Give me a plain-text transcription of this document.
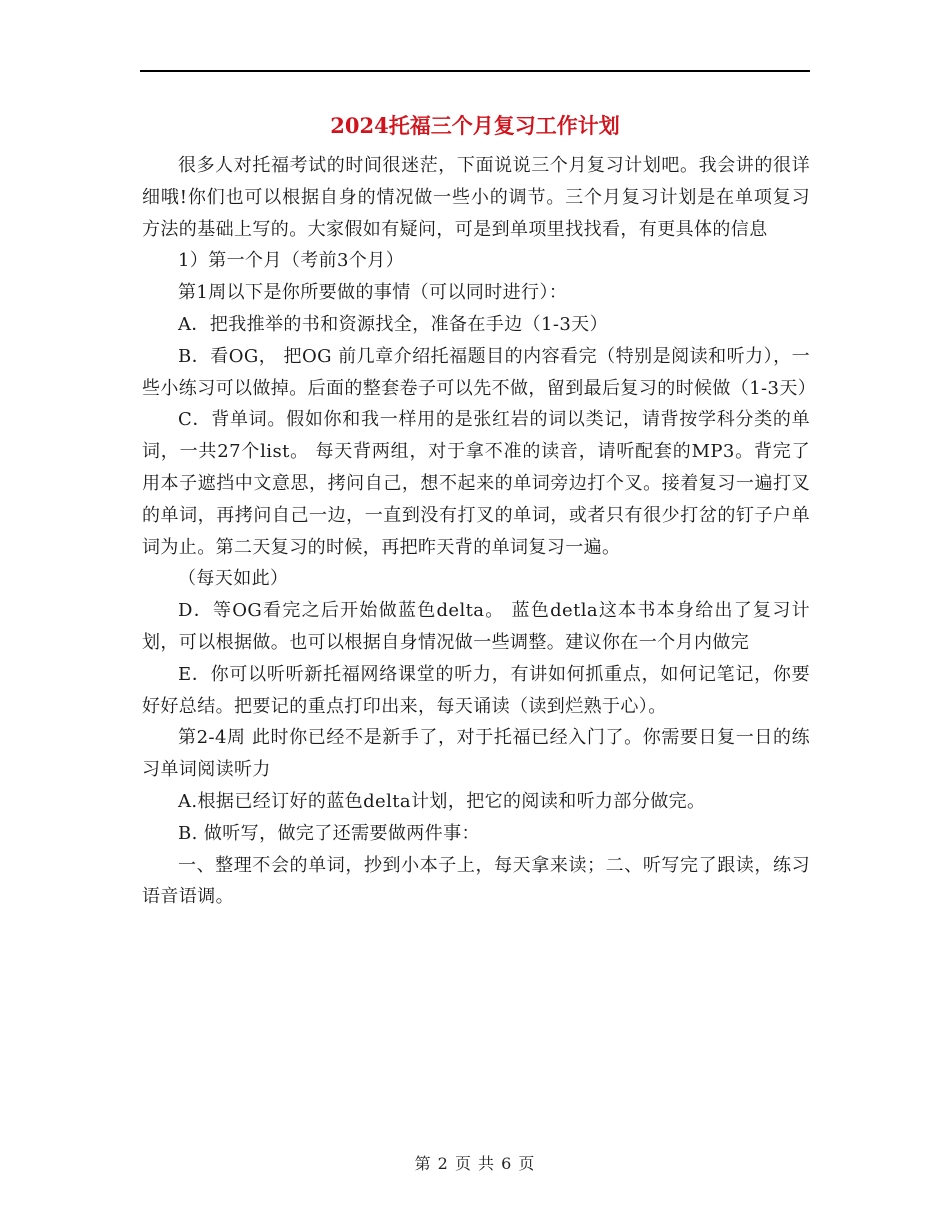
2024托福三个月复习工作计划

很多人对托福考试的时间很迷茫，下面说说三个月复习计划吧。我会讲的很详细哦!你们也可以根据自身的情况做一些小的调节。三个月复习计划是在单项复习方法的基础上写的。大家假如有疑问，可是到单项里找找看，有更具体的信息

1）第一个月（考前3个月）

第1周以下是你所要做的事情（可以同时进行）：

A．把我推举的书和资源找全，准备在手边（1-3天）

B．看OG， 把OG 前几章介绍托福题目的内容看完（特别是阅读和听力），一些小练习可以做掉。后面的整套卷子可以先不做，留到最后复习的时候做（1-3天）

C．背单词。假如你和我一样用的是张红岩的词以类记，请背按学科分类的单词，一共27个list。 每天背两组，对于拿不准的读音，请听配套的MP3。背完了用本子遮挡中文意思，拷问自己，想不起来的单词旁边打个叉。接着复习一遍打叉的单词，再拷问自己一边，一直到没有打叉的单词，或者只有很少打岔的钉子户单词为止。第二天复习的时候，再把昨天背的单词复习一遍。

（每天如此）

D．等OG看完之后开始做蓝色delta。 蓝色detla这本书本身给出了复习计划，可以根据做。也可以根据自身情况做一些调整。建议你在一个月内做完

E．你可以听听新托福网络课堂的听力，有讲如何抓重点，如何记笔记，你要好好总结。把要记的重点打印出来，每天诵读（读到烂熟于心）。

第2-4周 此时你已经不是新手了，对于托福已经入门了。你需要日复一日的练习单词阅读听力

A.根据已经订好的蓝色delta计划，把它的阅读和听力部分做完。

B. 做听写，做完了还需要做两件事：

一、整理不会的单词，抄到小本子上，每天拿来读；二、听写完了跟读，练习语音语调。

第 2 页 共 6 页
